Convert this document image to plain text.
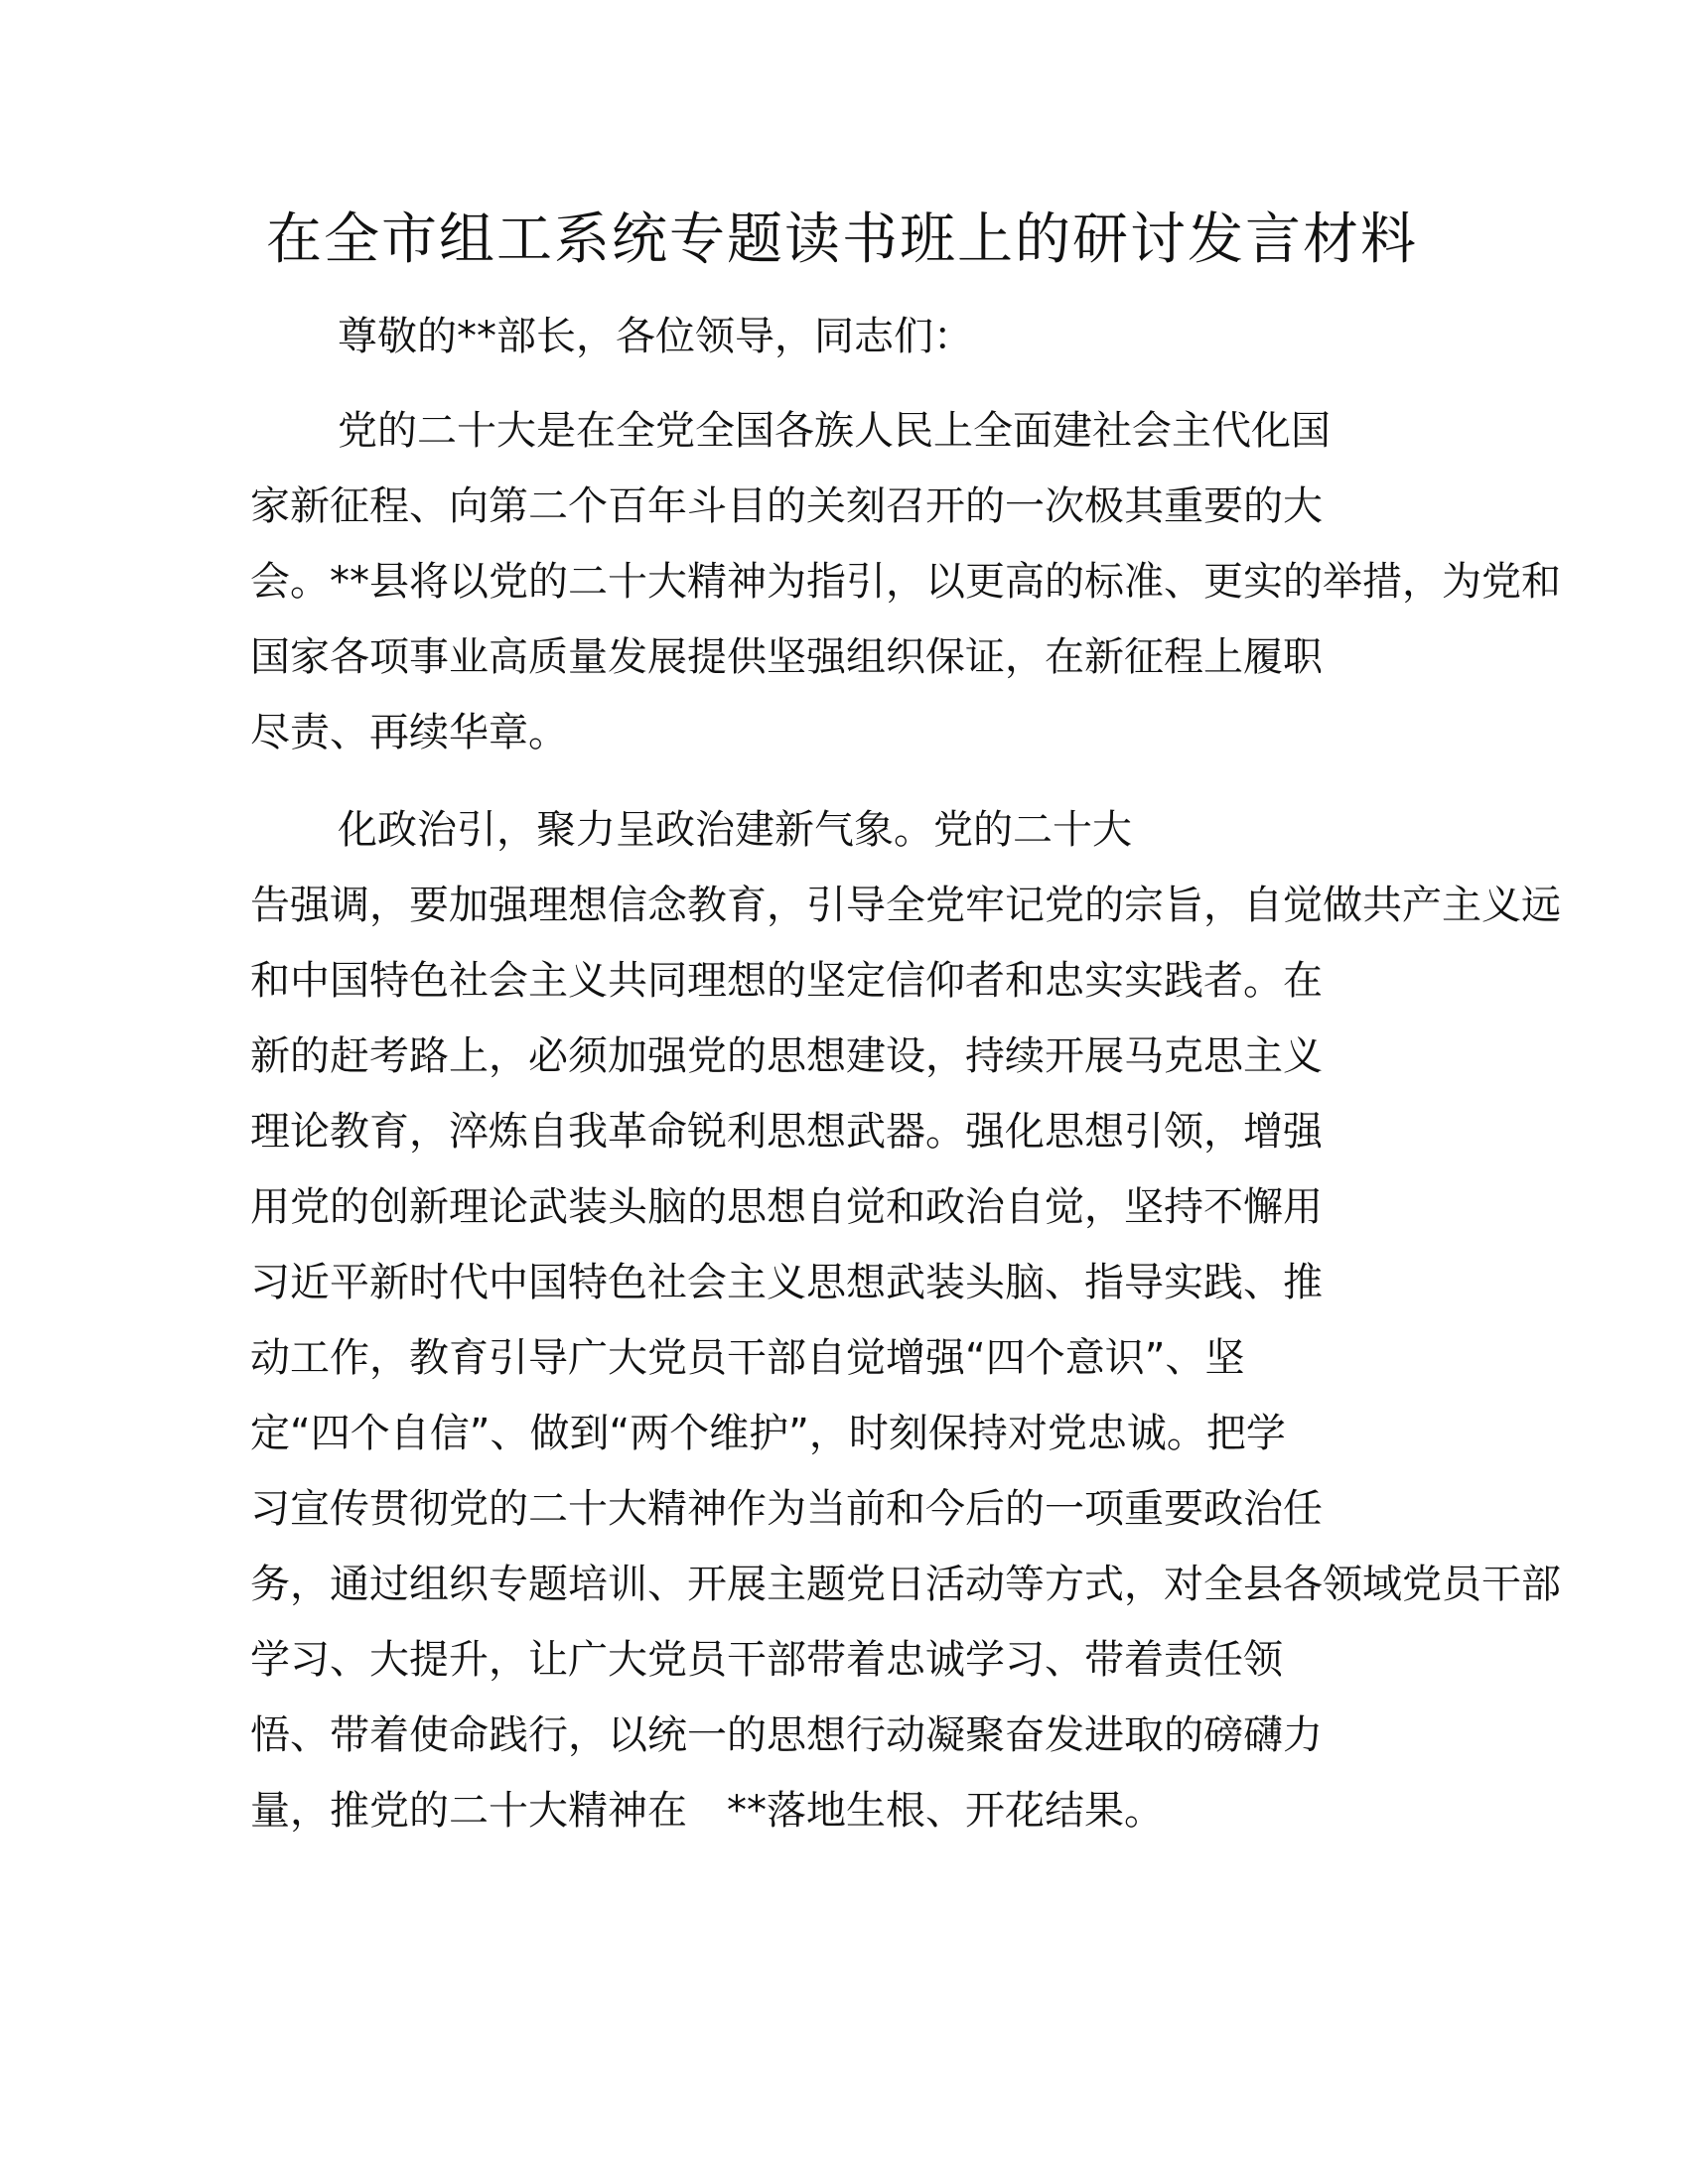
在全市组工系统专题读书班上的研讨发言材料
尊敬的**部长，各位领导，同志们：
党的二十大是在全党全国各族人民上全面建社会主代化国
家新征程、向第二个百年斗目的关刻召开的一次极其重要的大
会。**县将以党的二十大精神为指引，以更高的标准、更实的举措，为党和
国家各项事业高质量发展提供坚强组织保证，在新征程上履职
尽责、再续华章。
化政治引，聚力呈政治建新气象。党的二十大
告强调，要加强理想信念教育，引导全党牢记党的宗旨，自觉做共产主义远
和中国特色社会主义共同理想的坚定信仰者和忠实实践者。在
新的赶考路上，必须加强党的思想建设，持续开展马克思主义
理论教育，淬炼自我革命锐利思想武器。强化思想引领，增强
用党的创新理论武装头脑的思想自觉和政治自觉，坚持不懈用
习近平新时代中国特色社会主义思想武装头脑、指导实践、推
动工作，教育引导广大党员干部自觉增强“四个意识”、坚
定“四个自信”、做到“两个维护”，时刻保持对党忠诚。把学
习宣传贯彻党的二十大精神作为当前和今后的一项重要政治任
务，通过组织专题培训、开展主题党日活动等方式，对全县各领域党员干部
学习、大提升，让广大党员干部带着忠诚学习、带着责任领
悟、带着使命践行，以统一的思想行动凝聚奋发进取的磅礴力
量，推党的二十大精神在　**落地生根、开花结果。
